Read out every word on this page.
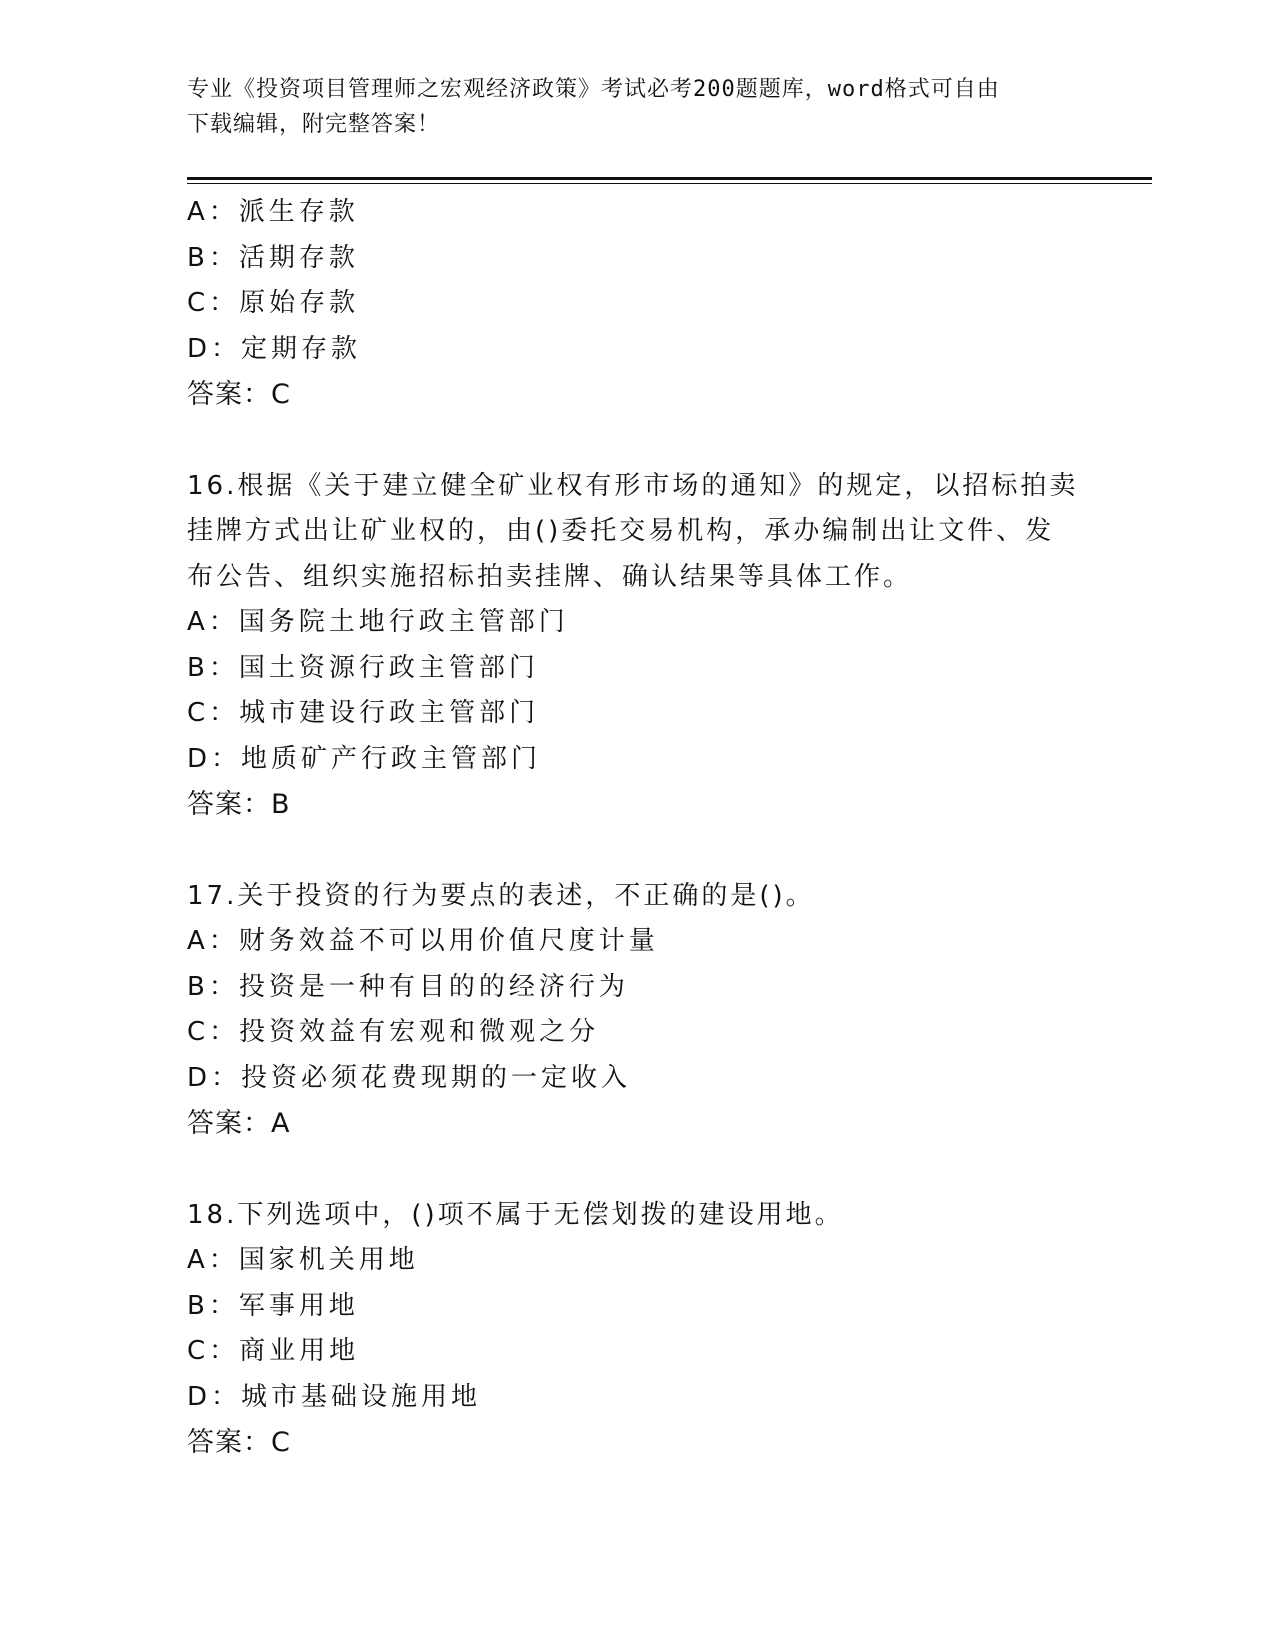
专业《投资项目管理师之宏观经济政策》考试必考200题题库，word格式可自由
下载编辑，附完整答案！
A：派生存款
B：活期存款
C：原始存款
D：定期存款
答案：C
16.根据《关于建立健全矿业权有形市场的通知》的规定，以招标拍卖
挂牌方式出让矿业权的，由()委托交易机构，承办编制出让文件、发
布公告、组织实施招标拍卖挂牌、确认结果等具体工作。
A：国务院土地行政主管部门
B：国土资源行政主管部门
C：城市建设行政主管部门
D：地质矿产行政主管部门
答案：B
17.关于投资的行为要点的表述，不正确的是()。
A：财务效益不可以用价值尺度计量
B：投资是一种有目的的经济行为
C：投资效益有宏观和微观之分
D：投资必须花费现期的一定收入
答案：A
18.下列选项中，()项不属于无偿划拨的建设用地。
A：国家机关用地
B：军事用地
C：商业用地
D：城市基础设施用地
答案：C
